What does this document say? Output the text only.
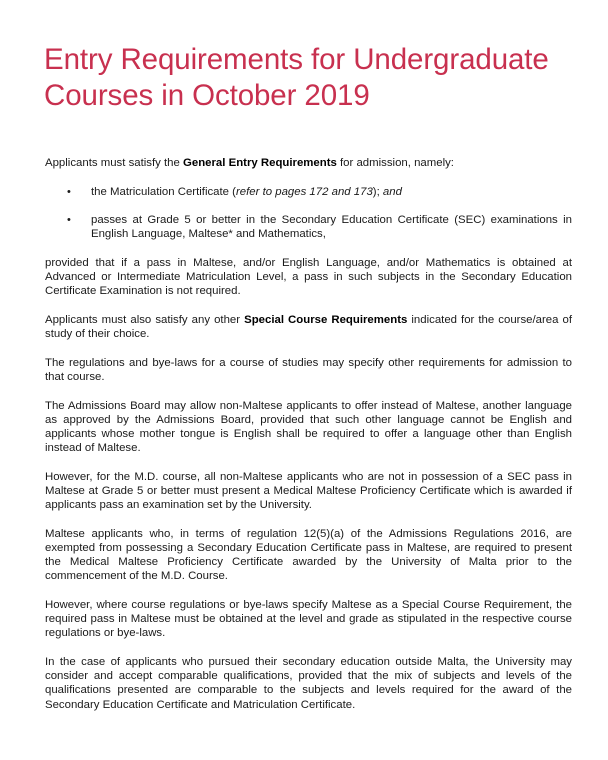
Entry Requirements for Undergraduate
Courses in October 2019

Applicants must satisfy the General Entry Requirements for admission, namely:

• the Matriculation Certificate (refer to pages 172 and 173); and
• passes at Grade 5 or better in the Secondary Education Certificate (SEC) examinations in English Language, Maltese* and Mathematics,

provided that if a pass in Maltese, and/or English Language, and/or Mathematics is obtained at Advanced or Intermediate Matriculation Level, a pass in such subjects in the Secondary Education Certificate Examination is not required.

Applicants must also satisfy any other Special Course Requirements indicated for the course/area of study of their choice.

The regulations and bye-laws for a course of studies may specify other requirements for admission to that course.

The Admissions Board may allow non-Maltese applicants to offer instead of Maltese, another language as approved by the Admissions Board, provided that such other language cannot be English and applicants whose mother tongue is English shall be required to offer a language other than English instead of Maltese.

However, for the M.D. course, all non-Maltese applicants who are not in possession of a SEC pass in Maltese at Grade 5 or better must present a Medical Maltese Proficiency Certificate which is awarded if applicants pass an examination set by the University.

Maltese applicants who, in terms of regulation 12(5)(a) of the Admissions Regulations 2016, are exempted from possessing a Secondary Education Certificate pass in Maltese, are required to present the Medical Maltese Proficiency Certificate awarded by the University of Malta prior to the commencement of the M.D. Course.

However, where course regulations or bye-laws specify Maltese as a Special Course Requirement, the required pass in Maltese must be obtained at the level and grade as stipulated in the respective course regulations or bye-laws.

In the case of applicants who pursued their secondary education outside Malta, the University may consider and accept comparable qualifications, provided that the mix of subjects and levels of the qualifications presented are comparable to the subjects and levels required for the award of the Secondary Education Certificate and Matriculation Certificate.
